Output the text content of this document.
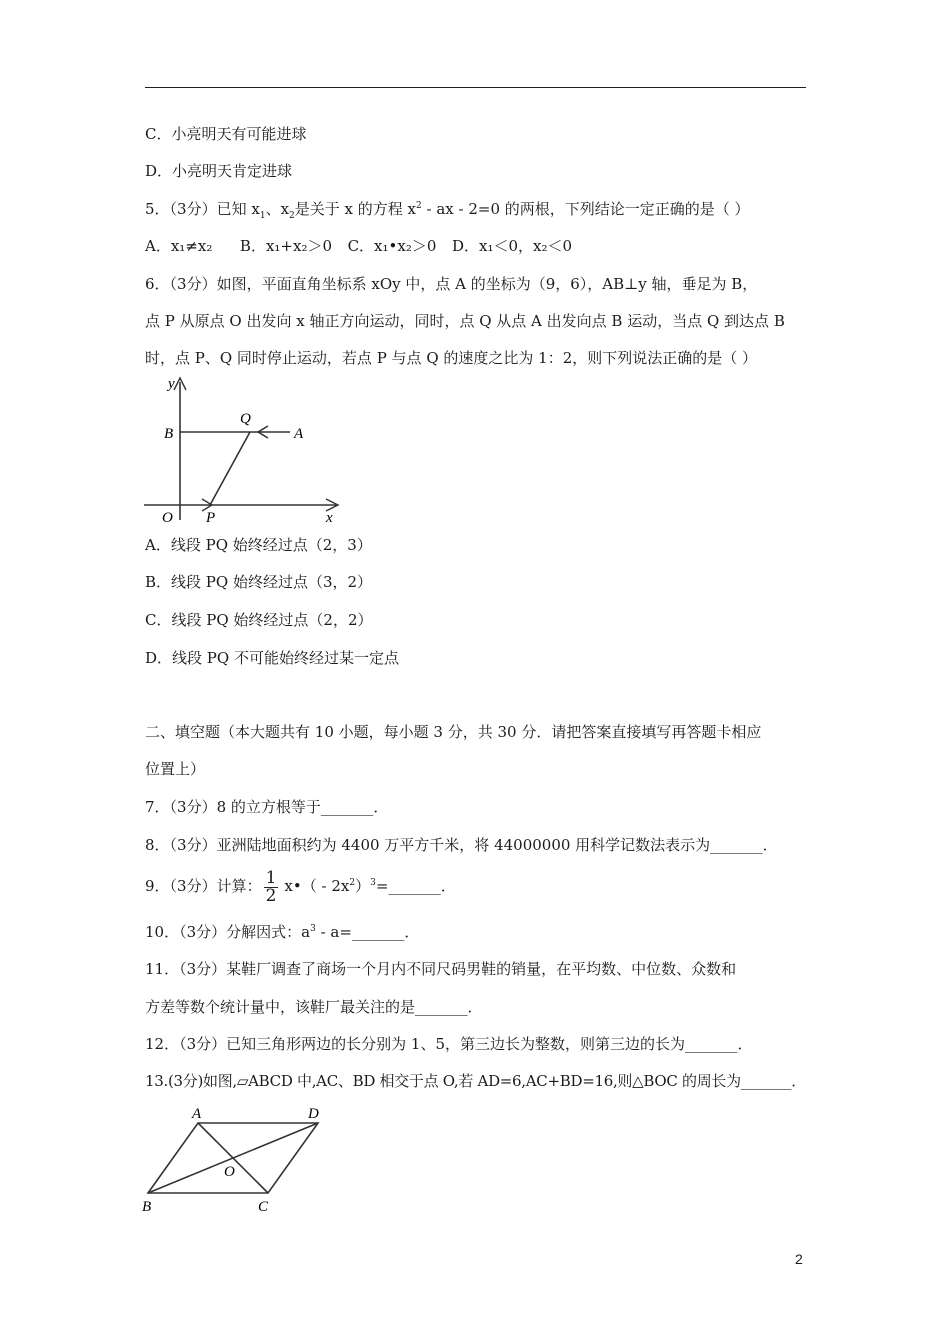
C．小亮明天有可能进球
D．小亮明天肯定进球
5．（3分）已知 $x_1$、$x_2$是关于 x 的方程 $x^2$ - ax - 2=0 的两根，下列结论一定正确的是（ ）
A．x₁≠x₂ B．x₁+x₂＞0 C．x₁•x₂＞0 D．x₁＜0，x₂＜0
6．（3分）如图，平面直角坐标系 xOy 中，点 A 的坐标为（9，6），AB⊥y 轴，垂足为 B，
点 P 从原点 O 出发向 x 轴正方向运动，同时，点 Q 从点 A 出发向点 B 运动，当点 Q 到达点 B
时，点 P、Q 同时停止运动，若点 P 与点 Q 的速度之比为 1：2，则下列说法正确的是（ ）
y
B
Q
A
O P	x
A．线段 PQ 始终经过点（2，3）
B．线段 PQ 始终经过点（3，2）
C．线段 PQ 始终经过点（2，2）
D．线段 PQ 不可能始终经过某一定点
二、填空题（本大题共有 10 小题，每小题 3 分，共 30 分．请把答案直接填写再答题卡相应
位置上）
7．（3分）8 的立方根等于_______．
8．（3分）亚洲陆地面积约为 4400 万平方千米，将 44000000 用科学记数法表示为_______．
9．（3分）计算： $\frac{1}{2}$ x•（ - $2x^2)^3=\_\_\_\_\_\_\_$．
10．（3分）分解因式：$a^3$ - a=_______．
11．（3分）某鞋厂调查了商场一个月内不同尺码男鞋的销量，在平均数、中位数、众数和
方差等数个统计量中，该鞋厂最关注的是_______．
12．（3分）已知三角形两边的长分别为 1、5，第三边长为整数，则第三边的长为_______．
13.(3分)如图,▱ABCD 中,AC、BD 相交于点 O,若 AD=6,AC+BD=16,则△BOC 的周长为_______．
A	D
O
B	C
2
